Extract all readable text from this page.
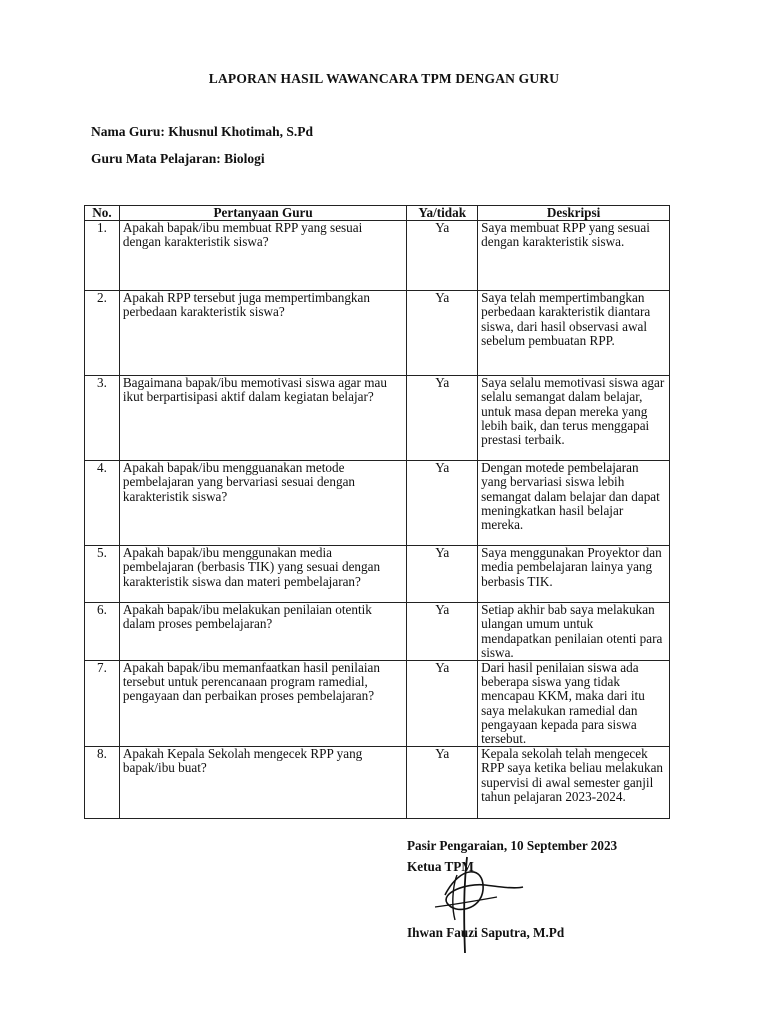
LAPORAN HASIL WAWANCARA TPM DENGAN GURU
Nama Guru: Khusnul Khotimah, S.Pd
Guru Mata Pelajaran: Biologi
No.	Pertanyaan Guru	Ya/tidak	Deskripsi
1.	Apakah bapak/ibu membuat RPP yang sesuai dengan karakteristik siswa?	Ya	Saya membuat RPP yang sesuai dengan karakteristik siswa.
2.	Apakah RPP tersebut juga mempertimbangkan perbedaan karakteristik siswa?	Ya	Saya telah mempertimbangkan perbedaan karakteristik diantara siswa, dari hasil observasi awal sebelum pembuatan RPP.
3.	Bagaimana bapak/ibu memotivasi siswa agar mau ikut berpartisipasi aktif dalam kegiatan belajar?	Ya	Saya selalu memotivasi siswa agar selalu semangat dalam belajar, untuk masa depan mereka yang lebih baik, dan terus menggapai prestasi terbaik.
4.	Apakah bapak/ibu mengguanakan metode pembelajaran yang bervariasi sesuai dengan karakteristik siswa?	Ya	Dengan motede pembelajaran yang bervariasi siswa lebih semangat dalam belajar dan dapat meningkatkan hasil belajar mereka.
5.	Apakah bapak/ibu menggunakan media pembelajaran (berbasis TIK) yang sesuai dengan karakteristik siswa dan materi pembelajaran?	Ya	Saya menggunakan Proyektor dan media pembelajaran lainya yang berbasis TIK.
6.	Apakah bapak/ibu melakukan penilaian otentik dalam proses pembelajaran?	Ya	Setiap akhir bab saya melakukan ulangan umum untuk mendapatkan penilaian otenti para siswa.
7.	Apakah bapak/ibu memanfaatkan hasil penilaian tersebut untuk perencanaan program ramedial, pengayaan dan perbaikan proses pembelajaran?	Ya	Dari hasil penilaian siswa ada beberapa siswa yang tidak mencapau KKM, maka dari itu saya melakukan ramedial dan pengayaan kepada para siswa tersebut.
8.	Apakah Kepala Sekolah mengecek RPP yang bapak/ibu buat?	Ya	Kepala sekolah telah mengecek RPP saya ketika beliau melakukan supervisi di awal semester ganjil tahun pelajaran 2023-2024.
Pasir Pengaraian, 10 September 2023
Ketua TPM
Ihwan Fauzi Saputra, M.Pd
